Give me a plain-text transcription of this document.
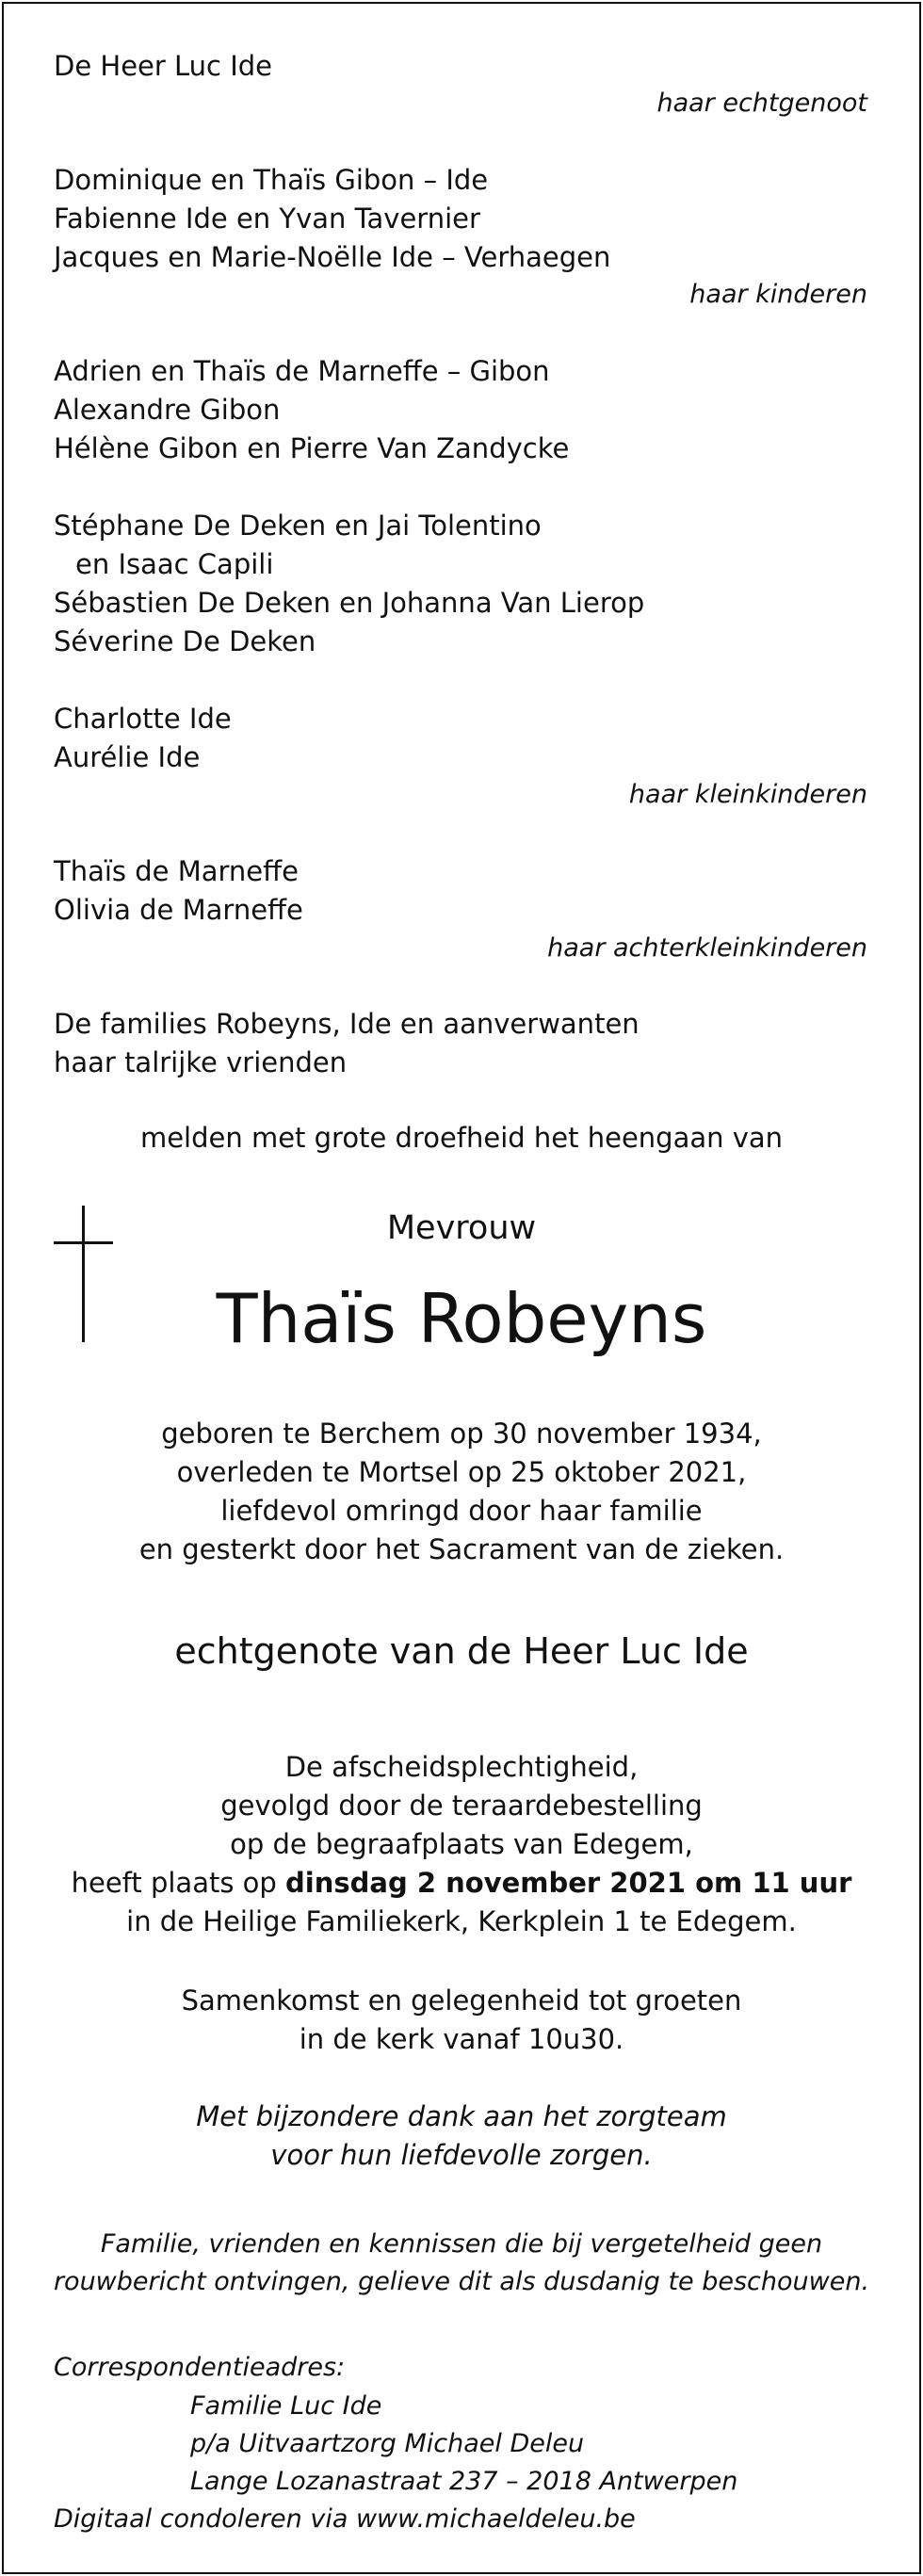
De Heer Luc Ide
haar echtgenoot
Dominique en Thaïs Gibon – Ide
Fabienne Ide en Yvan Tavernier
Jacques en Marie-Noëlle Ide – Verhaegen
haar kinderen
Adrien en Thaïs de Marneffe – Gibon
Alexandre Gibon
Hélène Gibon en Pierre Van Zandycke
Stéphane De Deken en Jai Tolentino
en Isaac Capili
Sébastien De Deken en Johanna Van Lierop
Séverine De Deken
Charlotte Ide
Aurélie Ide
haar kleinkinderen
Thaïs de Marneffe
Olivia de Marneffe
haar achterkleinkinderen
De families Robeyns, Ide en aanverwanten
haar talrijke vrienden
melden met grote droefheid het heengaan van
Mevrouw
Thaïs Robeyns
geboren te Berchem op 30 november 1934,
overleden te Mortsel op 25 oktober 2021,
liefdevol omringd door haar familie
en gesterkt door het Sacrament van de zieken.
echtgenote van de Heer Luc Ide
De afscheidsplechtigheid,
gevolgd door de teraardebestelling
op de begraafplaats van Edegem,
heeft plaats op dinsdag 2 november 2021 om 11 uur
in de Heilige Familiekerk, Kerkplein 1 te Edegem.
Samenkomst en gelegenheid tot groeten
in de kerk vanaf 10u30.
Met bijzondere dank aan het zorgteam
voor hun liefdevolle zorgen.
Familie, vrienden en kennissen die bij vergetelheid geen
rouwbericht ontvingen, gelieve dit als dusdanig te beschouwen.
Correspondentieadres:
Familie Luc Ide
p/a Uitvaartzorg Michael Deleu
Lange Lozanastraat 237 – 2018 Antwerpen
Digitaal condoleren via www.michaeldeleu.be
